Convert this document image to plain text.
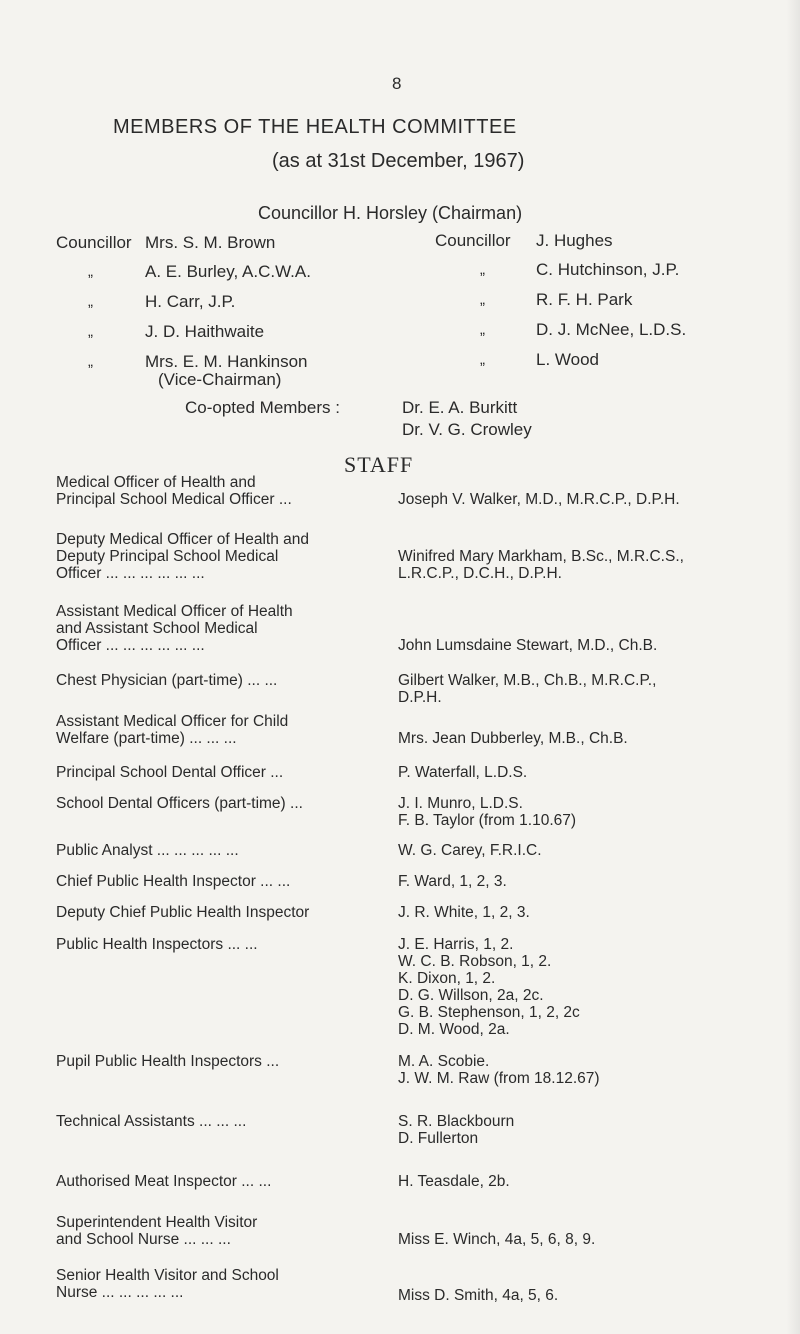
8
MEMBERS OF THE HEALTH COMMITTEE
(as at 31st December, 1967)
Councillor H. Horsley (Chairman)
Councillor Mrs. S. M. Brown
„	A. E. Burley, A.C.W.A.
„	H. Carr, J.P.
„	J. D. Haithwaite
„	Mrs. E. M. Hankinson
(Vice-Chairman)
Councillor J. Hughes
„	C. Hutchinson, J.P.
„	R. F. H. Park
„	D. J. McNee, L.D.S.
„	L. Wood
Co-opted Members :	Dr. E. A. Burkitt
Dr. V. G. Crowley
STAFF
Medical Officer of Health and
Principal School Medical Officer ...	Joseph V. Walker, M.D., M.R.C.P., D.P.H.
Deputy Medical Officer of Health and
Deputy Principal School Medical
Officer ... ... ... ... ... ...
Winifred Mary Markham, B.Sc., M.R.C.S.,
L.R.C.P., D.C.H., D.P.H.
Assistant Medical Officer of Health
and Assistant School Medical
Officer ... ... ... ... ... ...	John Lumsdaine Stewart, M.D., Ch.B.
Chest Physician (part-time) ... ...	Gilbert Walker, M.B., Ch.B., M.R.C.P.,
D.P.H.
Assistant Medical Officer for Child
Welfare (part-time) ... ... ...	Mrs. Jean Dubberley, M.B., Ch.B.
Principal School Dental Officer ...	P. Waterfall, L.D.S.
School Dental Officers (part-time) ...	J. I. Munro, L.D.S.
F. B. Taylor (from 1.10.67)
Public Analyst ... ... ... ... ...	W. G. Carey, F.R.I.C.
Chief Public Health Inspector ... ...	F. Ward, 1, 2, 3.
Deputy Chief Public Health Inspector	J. R. White, 1, 2, 3.
Public Health Inspectors ... ...	J. E. Harris, 1, 2.
W. C. B. Robson, 1, 2.
K. Dixon, 1, 2.
D. G. Willson, 2a, 2c.
G. B. Stephenson, 1, 2, 2c
D. M. Wood, 2a.
Pupil Public Health Inspectors ...	M. A. Scobie.
J. W. M. Raw (from 18.12.67)
Technical Assistants ... ... ...	S. R. Blackbourn
D. Fullerton
Authorised Meat Inspector ... ...	H. Teasdale, 2b.
Superintendent Health Visitor
and School Nurse ... ... ...	Miss E. Winch, 4a, 5, 6, 8, 9.
Senior Health Visitor and School
Nurse ... ... ... ... ...	Miss D. Smith, 4a, 5, 6.
